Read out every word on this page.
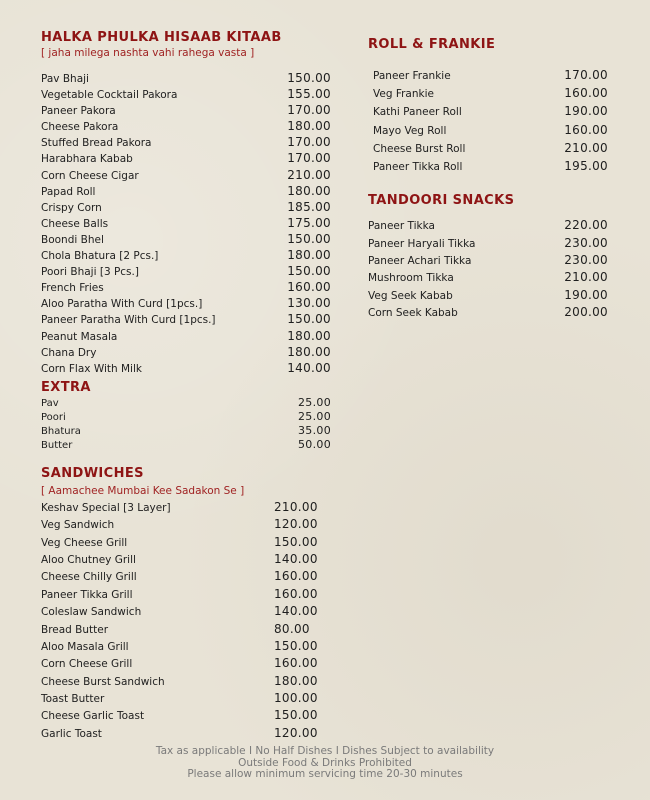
HALKA PHULKA HISAAB KITAAB

[ jaha milega nashta vahi rahega vasta ]

Pav Bhaji	150.00
Vegetable Cocktail Pakora	155.00
Paneer Pakora	170.00
Cheese Pakora	180.00
Stuffed Bread Pakora	170.00
Harabhara Kabab	170.00
Corn Cheese Cigar	210.00
Papad Roll	180.00
Crispy Corn	185.00
Cheese Balls	175.00
Boondi Bhel	150.00
Chola Bhatura [2 Pcs.]	180.00
Poori Bhaji [3 Pcs.]	150.00
French Fries	160.00
Aloo Paratha With Curd [1pcs.]	130.00
Paneer Paratha With Curd [1pcs.]	150.00
Peanut Masala	180.00
Chana Dry	180.00
Corn Flax With Milk	140.00
EXTRA
Pav	25.00
Poori	25.00
Bhatura	35.00
Butter	50.00
SANDWICHES

[ Aamachee Mumbai Kee Sadakon Se ]

Keshav Special [3 Layer]	210.00
Veg Sandwich	120.00
Veg Cheese Grill	150.00
Aloo Chutney Grill	140.00
Cheese Chilly Grill	160.00
Paneer Tikka Grill	160.00
Coleslaw Sandwich	140.00
Bread Butter	80.00
Aloo Masala Grill	150.00
Corn Cheese Grill	160.00
Cheese Burst Sandwich	180.00
Toast Butter	100.00
Cheese Garlic Toast	150.00
Garlic Toast	120.00
ROLL & FRANKIE
Paneer Frankie	170.00
Veg Frankie	160.00
Kathi Paneer Roll	190.00
Mayo Veg Roll	160.00
Cheese Burst Roll	210.00
Paneer Tikka Roll	195.00
TANDOORI SNACKS
Paneer Tikka	220.00
Paneer Haryali Tikka	230.00
Paneer Achari Tikka	230.00
Mushroom Tikka	210.00
Veg Seek Kabab	190.00
Corn Seek Kabab	200.00
Tax as applicable I No Half Dishes I Dishes Subject to availability
Outside Food & Drinks Prohibited
Please allow minimum servicing time 20-30 minutes
